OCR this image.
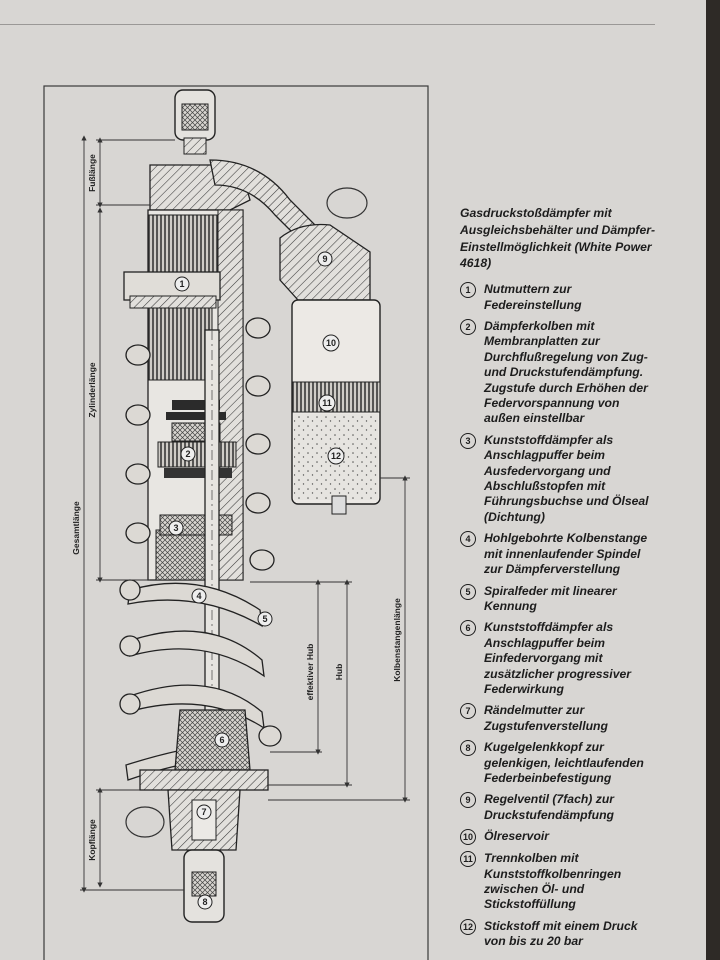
Fußlänge
Zylinderlänge
Gesamtlänge
Kopflänge
effektiver Hub Hub	Kolbenstangenlänge
1
2
3
4
5
6
7
8
9
10
11
12

Gasdruckstoßdämpfer mit Ausgleichsbehälter und Dämpfer-Einstellmöglichkeit (White Power 4618)

1	Nutmuttern zur Federeinstellung
2	Dämpferkolben mit Membranplatten zur Durchflußregelung von Zug- und Druckstufendämpfung. Zugstufe durch Erhöhen der Federvorspannung von außen einstellbar
3	Kunststoffdämpfer als Anschlagpuffer beim Ausfedervorgang und Abschlußstopfen mit Führungsbuchse und Ölseal (Dichtung)
4	Hohlgebohrte Kolbenstange mit innenlaufender Spindel zur Dämpferverstellung
5	Spiralfeder mit linearer Kennung
6	Kunststoffdämpfer als Anschlagpuffer beim Einfedervorgang mit zusätzlicher progressiver Federwirkung
7	Rändelmutter zur Zugstufenverstellung
8	Kugelgelenkkopf zur gelenkigen, leichtlaufenden Federbeinbefestigung
9	Regelventil (7fach) zur Druckstufendämpfung
10 Ölreservoir
11 Trennkolben mit Kunststoffkolbenringen zwischen Öl- und Stickstoffüllung
12 Stickstoff mit einem Druck von bis zu 20 bar
